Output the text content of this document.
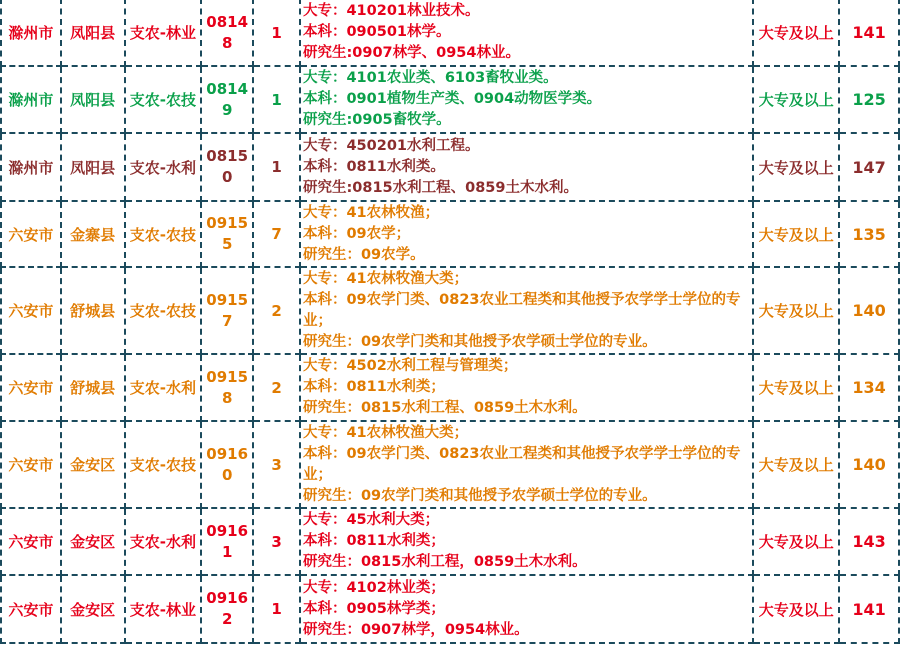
滁州市	凤阳县	支农-林业	0814
8	1	大专：410201林业技术。
本科：090501林学。
研究生:0907林学、0954林业。	大专及以上	141
滁州市	凤阳县	支农-农技	0814
9	1	大专：4101农业类、6103畜牧业类。
本科：0901植物生产类、0904动物医学类。
研究生:0905畜牧学。	大专及以上	125
滁州市	凤阳县	支农-水利	0815
0	1	大专：450201水利工程。
本科：0811水利类。
研究生:0815水利工程、0859土木水利。	大专及以上	147
六安市	金寨县	支农-农技	0915
5	7	大专：41农林牧渔；
本科：09农学；
研究生：09农学。	大专及以上	135
六安市	舒城县	支农-农技	0915
7	2	大专：41农林牧渔大类；
本科：09农学门类、0823农业工程类和其他授予农学学士学位的专业；
研究生：09农学门类和其他授予农学硕士学位的专业。	大专及以上	140
六安市	舒城县	支农-水利	0915
8	2	大专：4502水利工程与管理类；
本科：0811水利类；
研究生：0815水利工程、0859土木水利。	大专及以上	134
六安市	金安区	支农-农技	0916
0	3	大专：41农林牧渔大类；
本科：09农学门类、0823农业工程类和其他授予农学学士学位的专业；
研究生：09农学门类和其他授予农学硕士学位的专业。	大专及以上	140
六安市	金安区	支农-水利	0916
1	3	大专：45水利大类；
本科：0811水利类；
研究生：0815水利工程，0859土木水利。	大专及以上	143
六安市	金安区	支农-林业	0916
2	1	大专：4102林业类；
本科：0905林学类；
研究生：0907林学，0954林业。	大专及以上	141
